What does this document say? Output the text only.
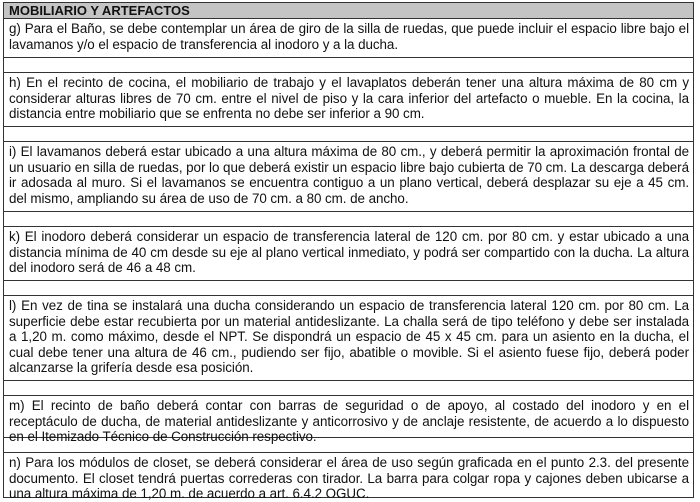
MOBILIARIO Y ARTEFACTOS
g) Para el Baño, se debe contemplar un área de giro de la silla de ruedas, que puede incluir el espacio libre bajo el lavamanos y/o el espacio de transferencia al inodoro y a la ducha.
h) En el recinto de cocina, el mobiliario de trabajo y el lavaplatos deberán tener una altura máxima de 80 cm y considerar alturas libres de 70 cm. entre el nivel de piso y la cara inferior del artefacto o mueble. En la cocina, la distancia entre mobiliario que se enfrenta no debe ser inferior a 90 cm.
i) El lavamanos deberá estar ubicado a una altura máxima de 80 cm., y deberá permitir la aproximación frontal de un usuario en silla de ruedas, por lo que deberá existir un espacio libre bajo cubierta de 70 cm. La descarga deberá ir adosada al muro. Si el lavamanos se encuentra contiguo a un plano vertical, deberá desplazar su eje a 45 cm. del mismo, ampliando su área de uso de 70 cm. a 80 cm. de ancho.
k) El inodoro deberá considerar un espacio de transferencia lateral de 120 cm. por 80 cm. y estar ubicado a una distancia mínima de 40 cm desde su eje al plano vertical inmediato, y podrá ser compartido con la ducha. La altura del inodoro será de 46 a 48 cm.
l) En vez de tina se instalará una ducha considerando un espacio de transferencia lateral 120 cm. por 80 cm. La superficie debe estar recubierta por un material antideslizante. La challa será de tipo teléfono y debe ser instalada a 1,20 m. como máximo, desde el NPT. Se dispondrá un espacio de 45 x 45 cm. para un asiento en la ducha, el cual debe tener una altura de 46 cm., pudiendo ser fijo, abatible o movible. Si el asiento fuese fijo, deberá poder alcanzarse la grifería desde esa posición.
m) El recinto de baño deberá contar con barras de seguridad o de apoyo, al costado del inodoro y en el receptáculo de ducha, de material antideslizante y anticorrosivo y de anclaje resistente, de acuerdo a lo dispuesto en el Itemizado Técnico de Construcción respectivo.
n) Para los módulos de closet, se deberá considerar el área de uso según graficada en el punto 2.3. del presente documento. El closet tendrá puertas correderas con tirador. La barra para colgar ropa y cajones deben ubicarse a una altura máxima de 1,20 m. de acuerdo a art. 6.4.2 OGUC.
